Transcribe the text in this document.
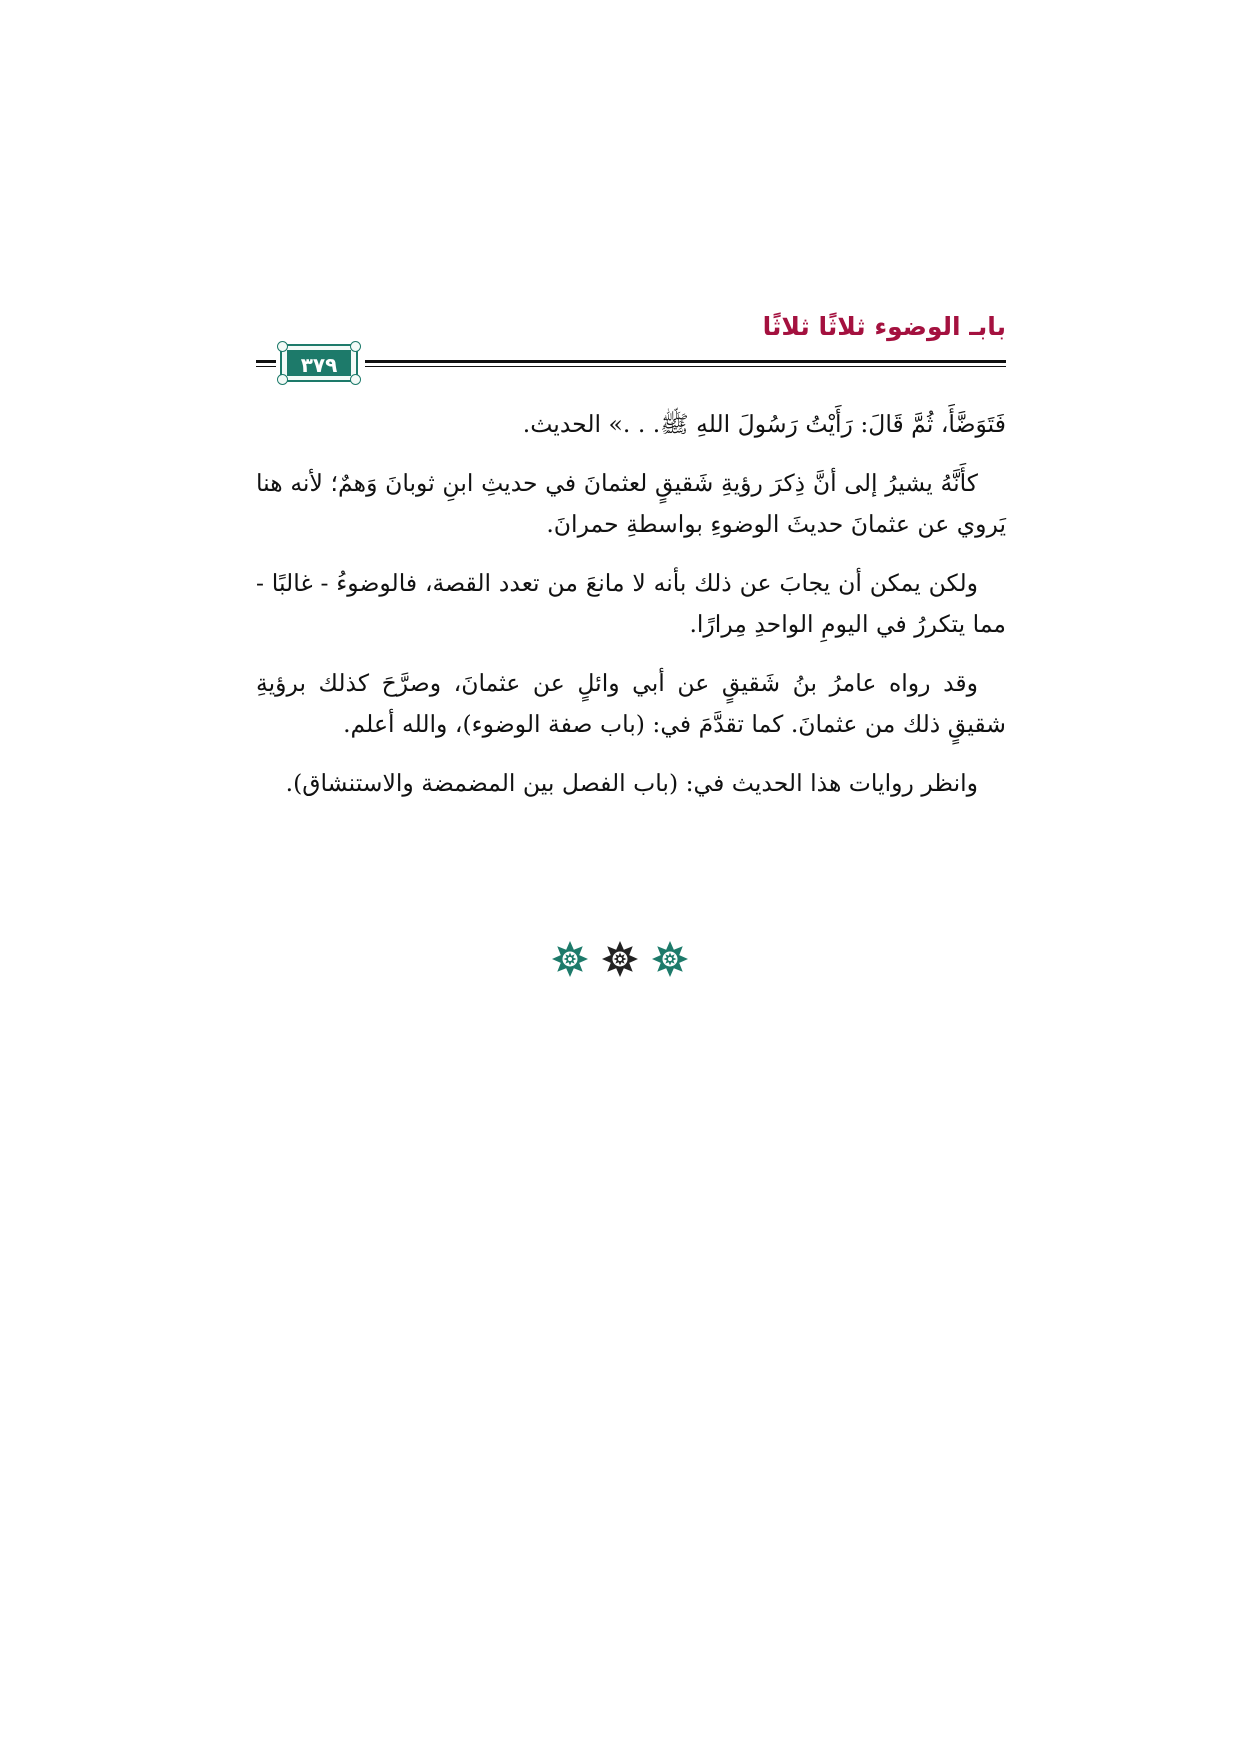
بابـ الوضوء ثلاثًا ثلاثًا
٣٧٩

فَتَوَضَّأَ، ثُمَّ قَالَ: رَأَيْتُ رَسُولَ اللهِ ﷺ. . .» الحديث.

كأَنَّهُ يشيرُ إلى أنَّ ذِكرَ رؤيةِ شَقيقٍ لعثمانَ في حديثِ ابنِ ثوبانَ وَهمٌ؛ لأنه هنا يَروي عن عثمانَ حديثَ الوضوءِ بواسطةِ حمرانَ.

ولكن يمكن أن يجابَ عن ذلك بأنه لا مانعَ من تعدد القصة، فالوضوءُ - غالبًا - مما يتكررُ في اليومِ الواحدِ مِرارًا.

وقد رواه عامرُ بنُ شَقيقٍ عن أبي وائلٍ عن عثمانَ، وصرَّحَ كذلك برؤيةِ شقيقٍ ذلك من عثمانَ. كما تقدَّمَ في: (باب صفة الوضوء)، والله أعلم.

وانظر روايات هذا الحديث في: (باب الفصل بين المضمضة والاستنشاق).
